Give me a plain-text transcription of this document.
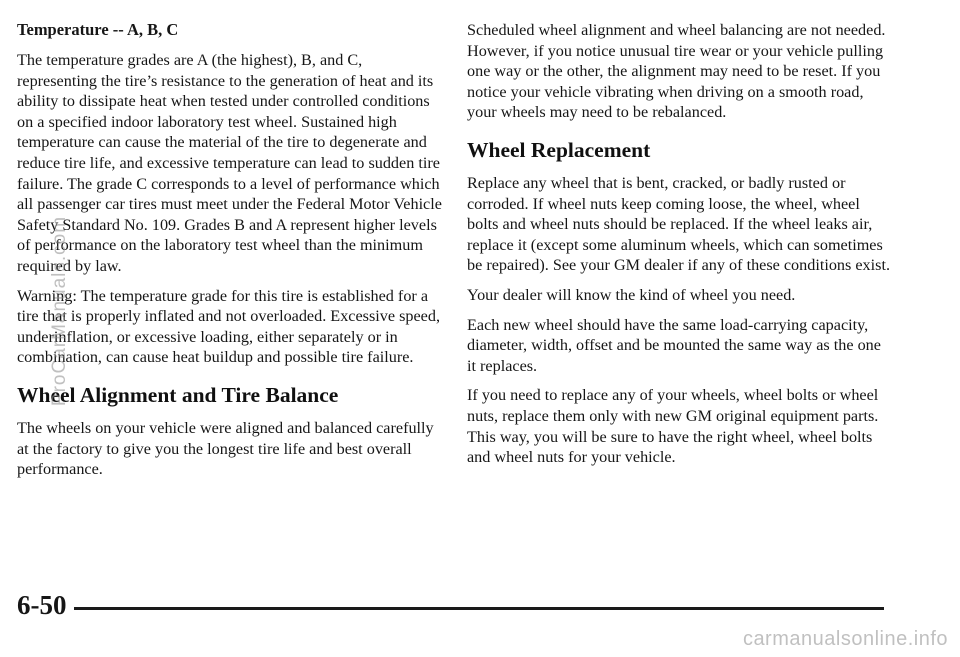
Temperature -- A, B, C

The temperature grades are A (the highest), B, and C, representing the tire’s resistance to the generation of heat and its ability to dissipate heat when tested under controlled conditions on a specified indoor laboratory test wheel. Sustained high temperature can cause the material of the tire to degenerate and reduce tire life, and excessive temperature can lead to sudden tire failure. The grade C corresponds to a level of performance which all passenger car tires must meet under the Federal Motor Vehicle Safety Standard No. 109. Grades B and A represent higher levels of performance on the laboratory test wheel than the minimum required by law.

Warning: The temperature grade for this tire is established for a tire that is properly inflated and not overloaded. Excessive speed, underinflation, or excessive loading, either separately or in combination, can cause heat buildup and possible tire failure.

Wheel Alignment and Tire Balance

The wheels on your vehicle were aligned and balanced carefully at the factory to give you the longest tire life and best overall performance.

Scheduled wheel alignment and wheel balancing are not needed. However, if you notice unusual tire wear or your vehicle pulling one way or the other, the alignment may need to be reset. If you notice your vehicle vibrating when driving on a smooth road, your wheels may need to be rebalanced.

Wheel Replacement

Replace any wheel that is bent, cracked, or badly rusted or corroded. If wheel nuts keep coming loose, the wheel, wheel bolts and wheel nuts should be replaced. If the wheel leaks air, replace it (except some aluminum wheels, which can sometimes be repaired). See your GM dealer if any of these conditions exist.

Your dealer will know the kind of wheel you need.

Each new wheel should have the same load-carrying capacity, diameter, width, offset and be mounted the same way as the one it replaces.

If you need to replace any of your wheels, wheel bolts or wheel nuts, replace them only with new GM original equipment parts. This way, you will be sure to have the right wheel, wheel bolts and wheel nuts for your vehicle.

6-50
ProCarManuals.com
carmanualsonline.info
